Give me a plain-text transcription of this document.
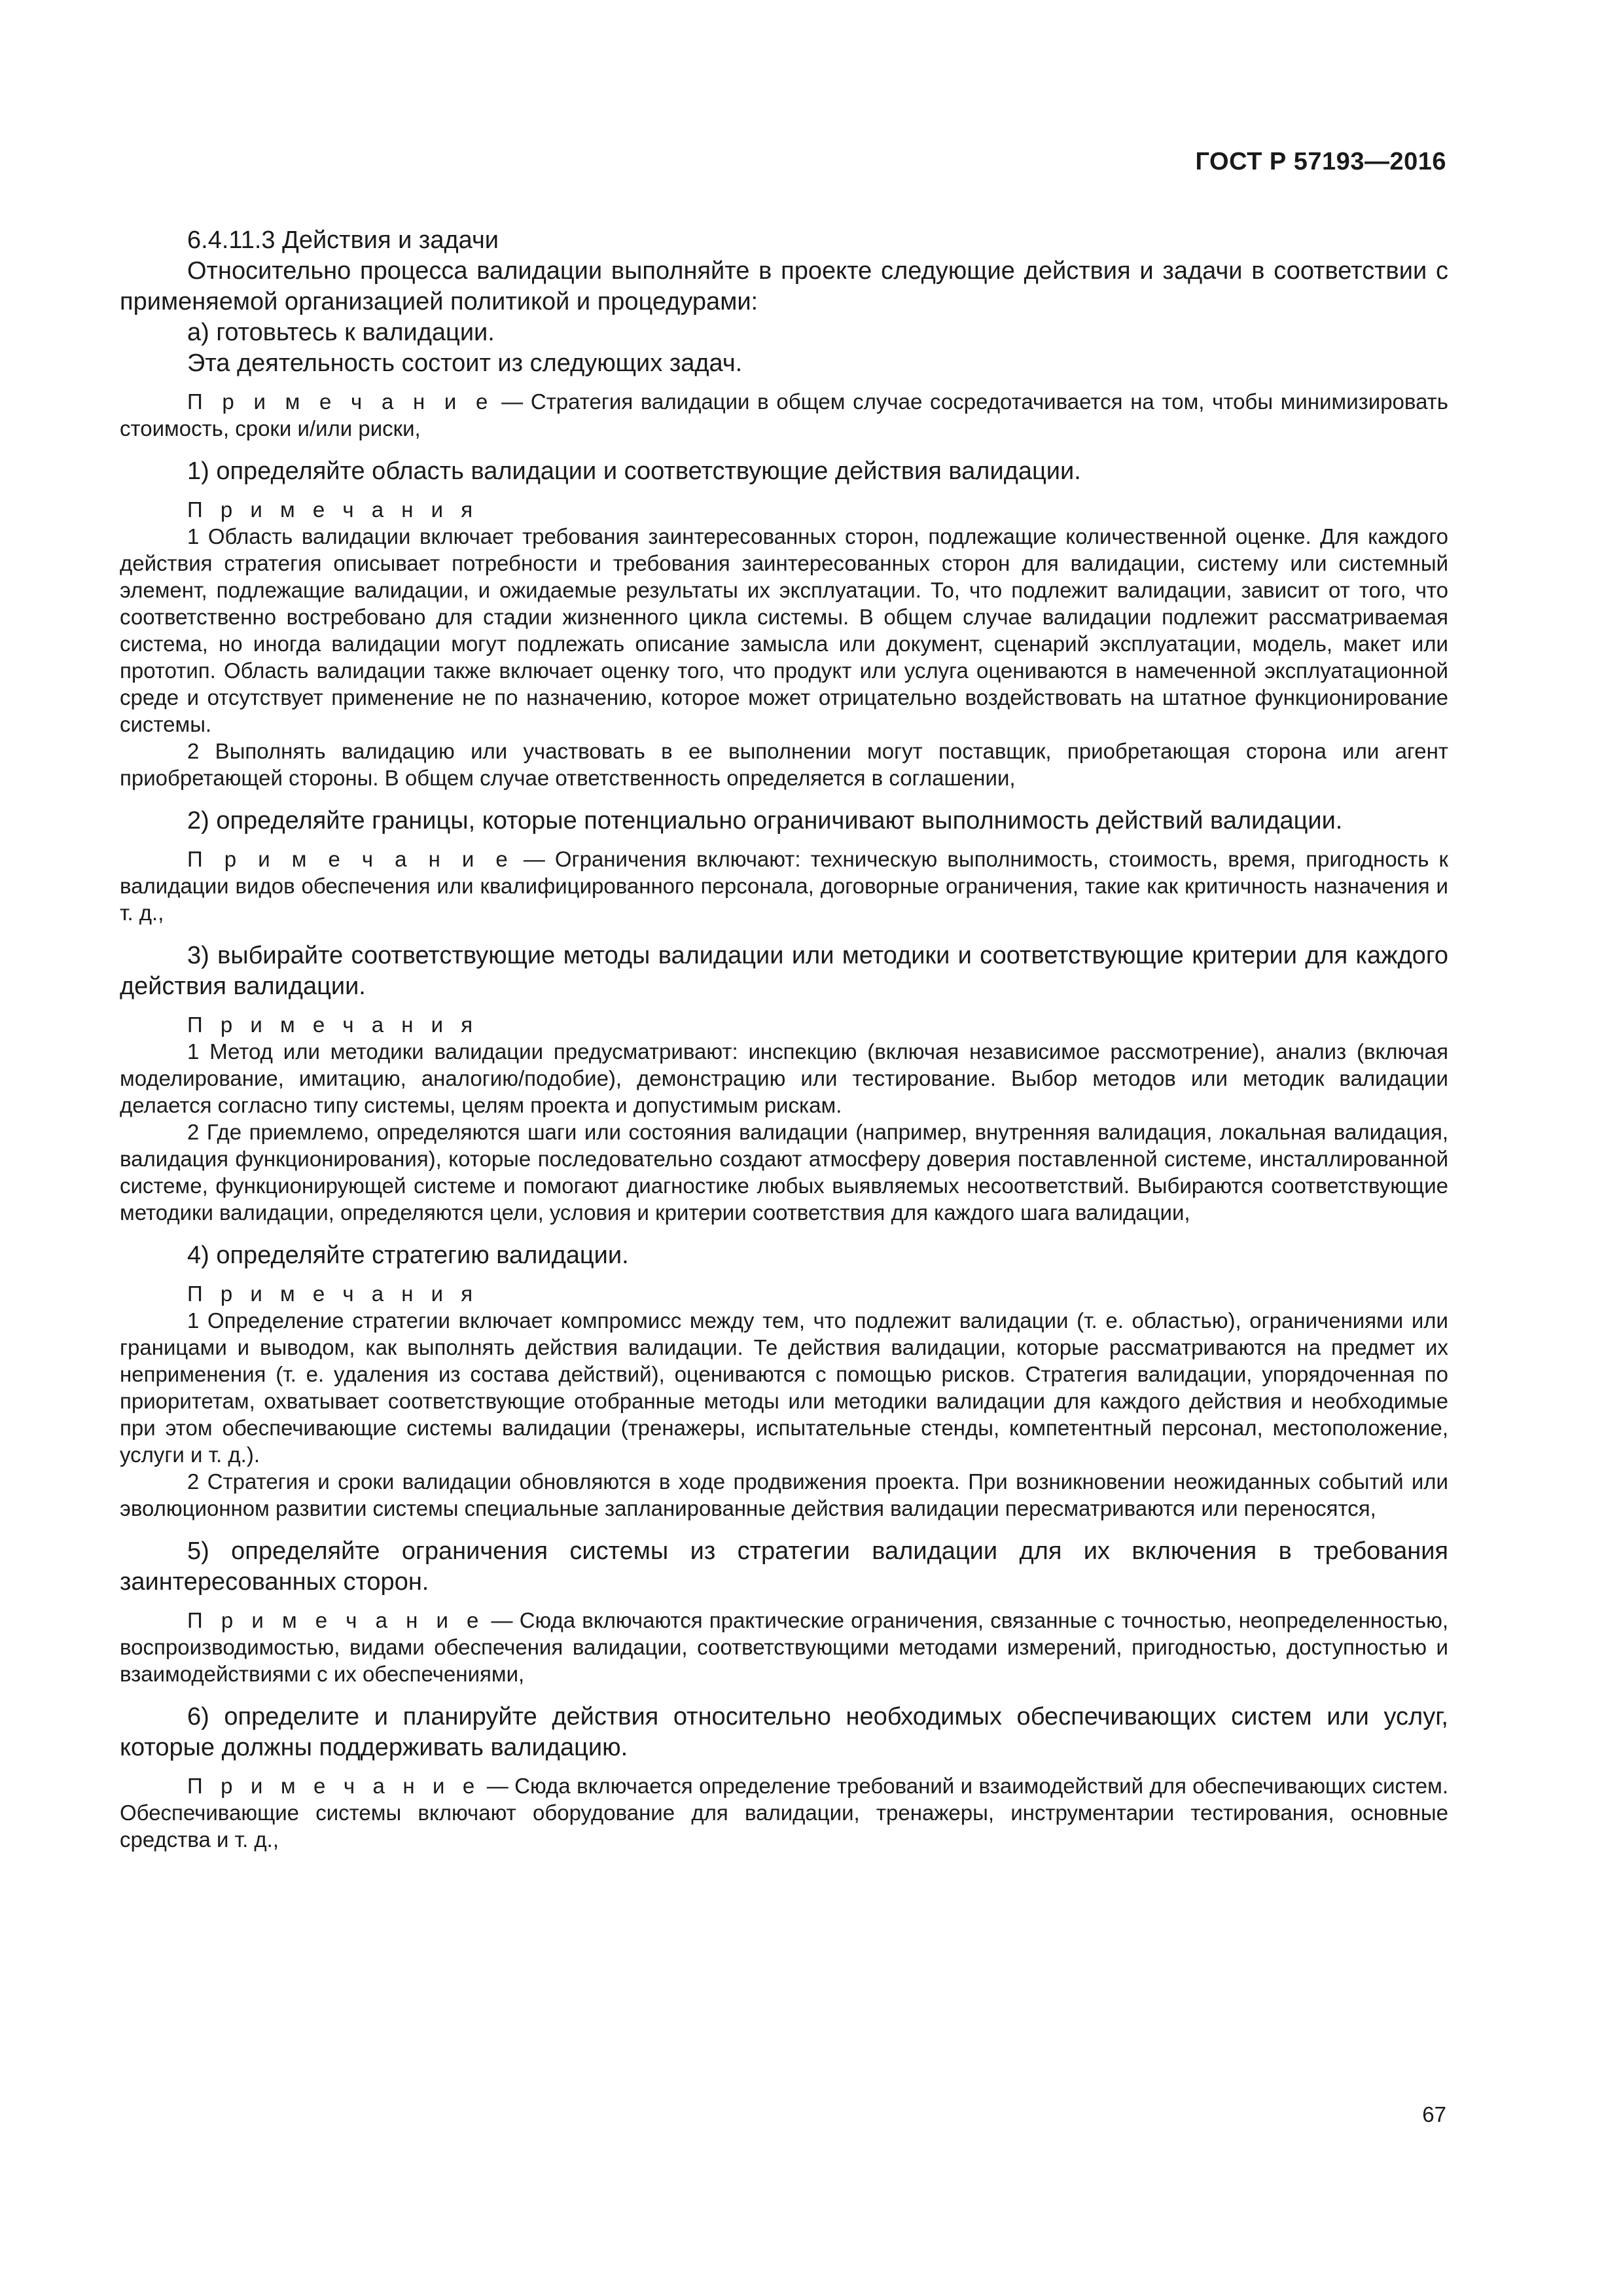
ГОСТ Р 57193—2016

6.4.11.3 Действия и задачи

Относительно процесса валидации выполняйте в проекте следующие действия и задачи в соответствии с применяемой организацией политикой и процедурами:

a) готовьтесь к валидации.

Эта деятельность состоит из следующих задач.

П р и м е ч а н и е — Стратегия валидации в общем случае сосредотачивается на том, чтобы минимизировать стоимость, сроки и/или риски,

1) определяйте область валидации и соответствующие действия валидации.

П р и м е ч а н и я

1 Область валидации включает требования заинтересованных сторон, подлежащие количественной оценке. Для каждого действия стратегия описывает потребности и требования заинтересованных сторон для валидации, систему или системный элемент, подлежащие валидации, и ожидаемые результаты их эксплуатации. То, что подлежит валидации, зависит от того, что соответственно востребовано для стадии жизненного цикла системы. В общем случае валидации подлежит рассматриваемая система, но иногда валидации могут подлежать описание замысла или документ, сценарий эксплуатации, модель, макет или прототип. Область валидации также включает оценку того, что продукт или услуга оцениваются в намеченной эксплуатационной среде и отсутствует применение не по назначению, которое может отрицательно воздействовать на штатное функционирование системы.

2 Выполнять валидацию или участвовать в ее выполнении могут поставщик, приобретающая сторона или агент приобретающей стороны. В общем случае ответственность определяется в соглашении,

2) определяйте границы, которые потенциально ограничивают выполнимость действий валидации.

П р и м е ч а н и е — Ограничения включают: техническую выполнимость, стоимость, время, пригодность к валидации видов обеспечения или квалифицированного персонала, договорные ограничения, такие как критичность назначения и т. д.,

3) выбирайте соответствующие методы валидации или методики и соответствующие критерии для каждого действия валидации.

П р и м е ч а н и я

1 Метод или методики валидации предусматривают: инспекцию (включая независимое рассмотрение), анализ (включая моделирование, имитацию, аналогию/подобие), демонстрацию или тестирование. Выбор методов или методик валидации делается согласно типу системы, целям проекта и допустимым рискам.

2 Где приемлемо, определяются шаги или состояния валидации (например, внутренняя валидация, локальная валидация, валидация функционирования), которые последовательно создают атмосферу доверия поставленной системе, инсталлированной системе, функционирующей системе и помогают диагностике любых выявляемых несоответствий. Выбираются соответствующие методики валидации, определяются цели, условия и критерии соответствия для каждого шага валидации,

4) определяйте стратегию валидации.

П р и м е ч а н и я

1 Определение стратегии включает компромисс между тем, что подлежит валидации (т. е. областью), ограничениями или границами и выводом, как выполнять действия валидации. Те действия валидации, которые рассматриваются на предмет их неприменения (т. е. удаления из состава действий), оцениваются с помощью рисков. Стратегия валидации, упорядоченная по приоритетам, охватывает соответствующие отобранные методы или методики валидации для каждого действия и необходимые при этом обеспечивающие системы валидации (тренажеры, испытательные стенды, компетентный персонал, местоположение, услуги и т. д.).

2 Стратегия и сроки валидации обновляются в ходе продвижения проекта. При возникновении неожиданных событий или эволюционном развитии системы специальные запланированные действия валидации пересматриваются или переносятся,

5) определяйте ограничения системы из стратегии валидации для их включения в требования заинтересованных сторон.

П р и м е ч а н и е — Сюда включаются практические ограничения, связанные с точностью, неопределенностью, воспроизводимостью, видами обеспечения валидации, соответствующими методами измерений, пригодностью, доступностью и взаимодействиями с их обеспечениями,

6) определите и планируйте действия относительно необходимых обеспечивающих систем или услуг, которые должны поддерживать валидацию.

П р и м е ч а н и е — Сюда включается определение требований и взаимодействий для обеспечивающих систем. Обеспечивающие системы включают оборудование для валидации, тренажеры, инструментарии тестирования, основные средства и т. д.,

67
